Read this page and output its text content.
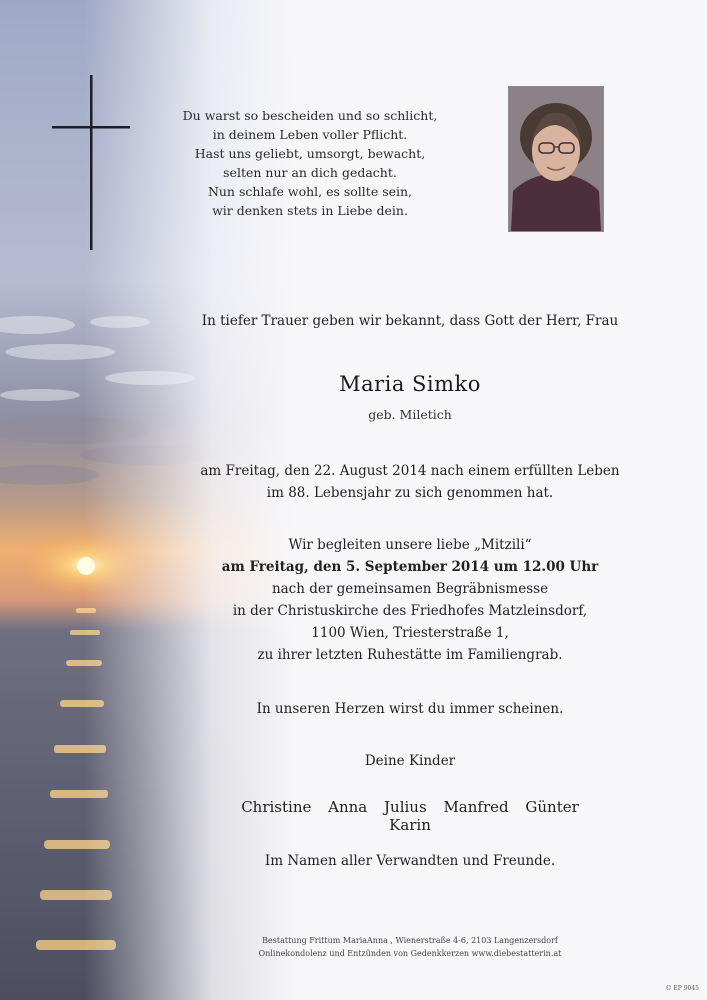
Du warst so bescheiden und so schlicht,
in deinem Leben voller Pflicht.
Hast uns geliebt, umsorgt, bewacht,
selten nur an dich gedacht.
Nun schlafe wohl, es sollte sein,
wir denken stets in Liebe dein.
In tiefer Trauer geben wir bekannt, dass Gott der Herr, Frau
Maria Simko
geb. Miletich
am Freitag, den 22. August 2014 nach einem erfüllten Leben
im 88. Lebensjahr zu sich genommen hat.
Wir begleiten unsere liebe „Mitzili“
am Freitag, den 5. September 2014 um 12.00 Uhr
nach der gemeinsamen Begräbnismesse
in der Christuskirche des Friedhofes Matzleinsdorf,
1100 Wien, Triesterstraße 1,
zu ihrer letzten Ruhestätte im Familiengrab.
In unseren Herzen wirst du immer scheinen.
Deine Kinder
Christine Anna Julius Manfred Günter Karin
Im Namen aller Verwandten und Freunde.
Bestattung Frittum MariaAnna , Wienerstraße 4-6, 2103 Langenzersdorf
Onlinekondolenz und Entzünden von Gedenkkerzen www.diebestatterin.at
© EP 9045
